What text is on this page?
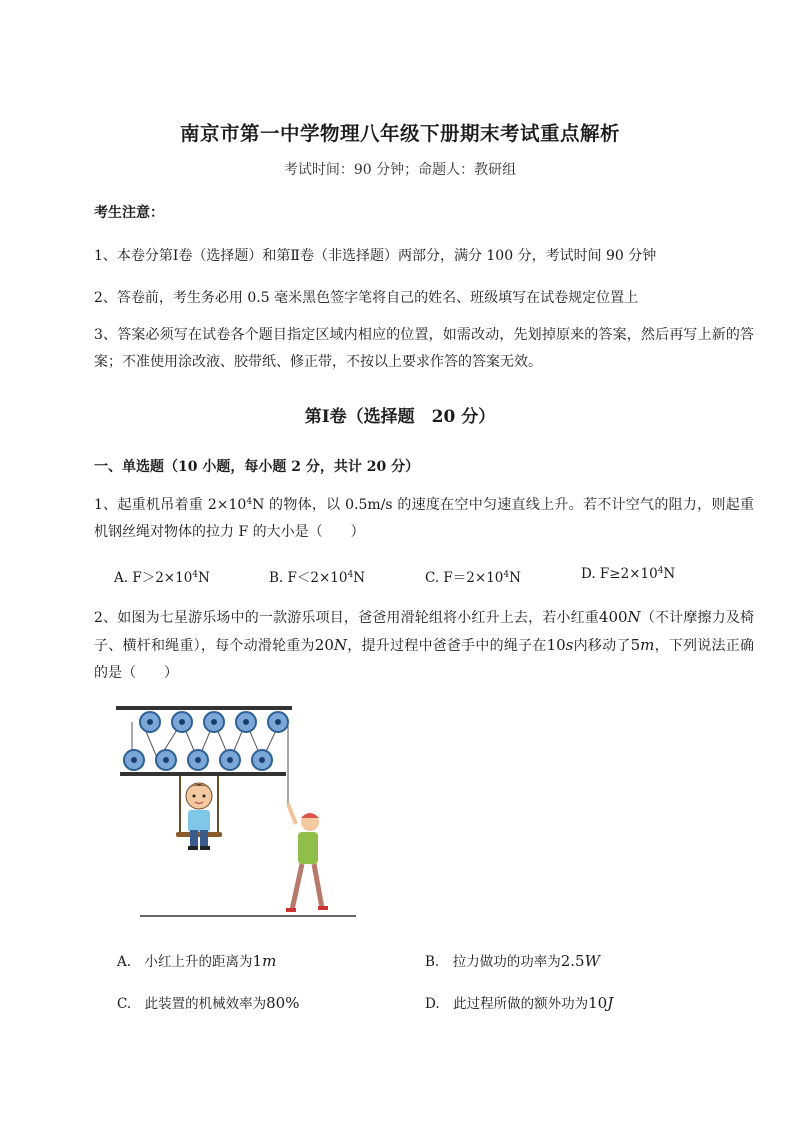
南京市第一中学物理八年级下册期末考试重点解析
考试时间：90 分钟；命题人：教研组
考生注意：
1、本卷分第Ⅰ卷（选择题）和第Ⅱ卷（非选择题）两部分，满分 100 分，考试时间 90 分钟
2、答卷前，考生务必用 0.5 毫米黑色签字笔将自己的姓名、班级填写在试卷规定位置上
3、答案必须写在试卷各个题目指定区域内相应的位置，如需改动，先划掉原来的答案，然后再写上新的答案；不准使用涂改液、胶带纸、修正带，不按以上要求作答的答案无效。
第Ⅰ卷（选择题　20 分）
一、单选题（10 小题，每小题 2 分，共计 20 分）
1、起重机吊着重 $2\times 10^4N$ 的物体，以 0.5m/s 的速度在空中匀速直线上升。若不计空气的阻力，则起重机钢丝绳对物体的拉力 F 的大小是（　　）
A. $F>2\times 10^4N$	B. $F<2\times 10^4N$	C. $F=2\times 10^4N$	D. $F\ge 2\times 10^4N$
2、如图为七星游乐场中的一款游乐项目，爸爸用滑轮组将小红升上去，若小红重400N（不计摩擦力及椅子、横杆和绳重），每个动滑轮重为20N，提升过程中爸爸手中的绳子在10s内移动了5m，下列说法正确的是（　　）
A.　小红上升的距离为1m	B.　拉力做功的功率为2.5W
C.　此装置的机械效率为80%	D.　此过程所做的额外功为10J
